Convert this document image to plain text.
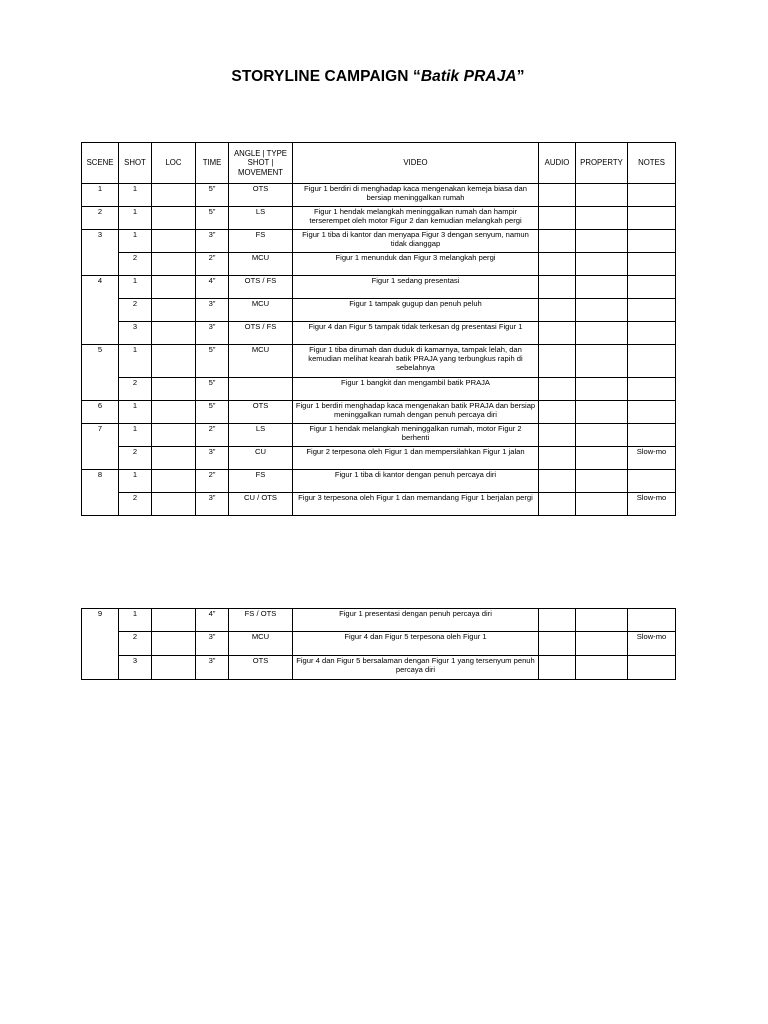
STORYLINE CAMPAIGN “Batik PRAJA”
SCENE	SHOT	LOC	TIME	ANGLE | TYPE SHOT | MOVEMENT	VIDEO	AUDIO	PROPERTY	NOTES
1	1		5”	OTS	Figur 1 berdiri di menghadap kaca mengenakan kemeja biasa dan bersiap meninggalkan rumah			
2	1		5”	LS	Figur 1 hendak melangkah meninggalkan rumah dan hampir terserempet oleh motor Figur 2 dan kemudian melangkah pergi			
3	1		3”	FS	Figur 1 tiba di kantor dan menyapa Figur 3 dengan senyum, namun tidak dianggap			
	2		2”	MCU	Figur 1 menunduk dan Figur 3 melangkah pergi			
4	1		4”	OTS / FS	Figur 1 sedang presentasi			
	2		3”	MCU	Figur 1 tampak gugup dan penuh peluh			
	3		3”	OTS / FS	Figur 4 dan Figur 5 tampak tidak terkesan dg presentasi Figur 1			
5	1		5”	MCU	Figur 1 tiba dirumah dan duduk di kamarnya, tampak lelah, dan kemudian melihat kearah batik PRAJA yang terbungkus rapih di sebelahnya			
	2		5”		Figur 1 bangkit dan mengambil batik PRAJA			
6	1		5”	OTS	Figur 1 berdiri menghadap kaca mengenakan batik PRAJA dan bersiap meninggalkan rumah dengan penuh percaya diri			
7	1		2”	LS	Figur 1 hendak melangkah meninggalkan rumah, motor Figur 2 berhenti			
	2		3”	CU	Figur 2 terpesona oleh Figur 1 dan mempersilahkan Figur 1 jalan			Slow-mo
8	1		2”	FS	Figur 1 tiba di kantor dengan penuh percaya diri			
	2		3”	CU / OTS	Figur 3 terpesona oleh Figur 1 dan memandang Figur 1 berjalan pergi			Slow-mo
9	1		4”	FS / OTS	Figur 1 presentasi dengan penuh percaya diri			
	2		3”	MCU	Figur 4 dan Figur 5 terpesona oleh Figur 1			Slow-mo
	3		3”	OTS	Figur 4 dan Figur 5 bersalaman dengan Figur 1 yang tersenyum penuh percaya diri			
